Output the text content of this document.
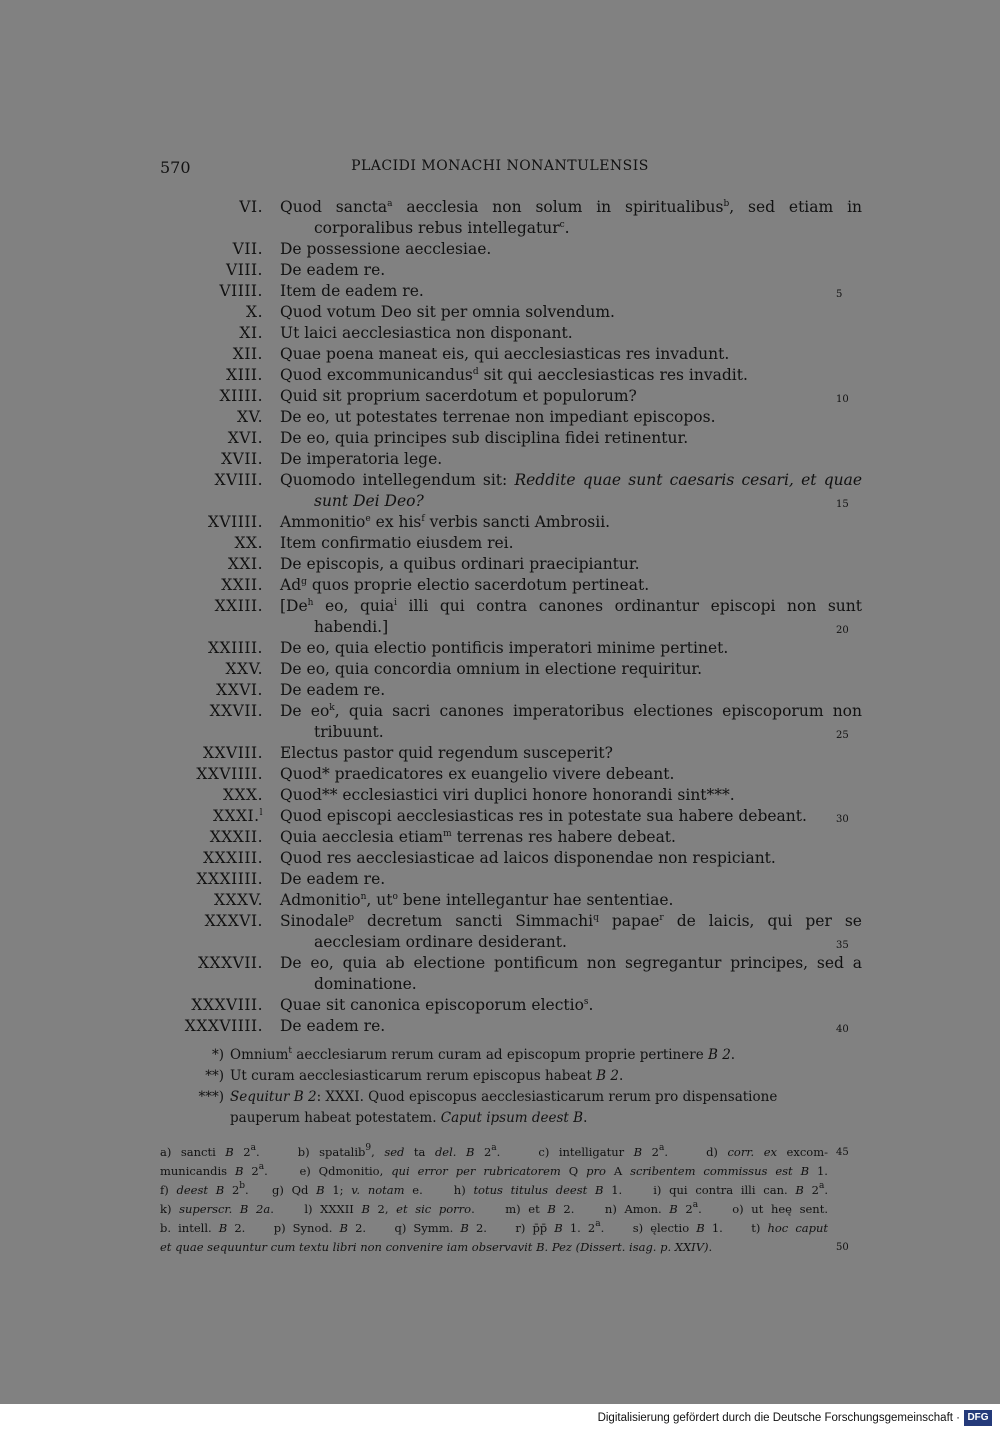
570	PLACIDI MONACHI NONANTULENSIS
VI. Quod sancta$^a$ aecclesia non solum in spiritualibus$^b$, sed etiam in corporalibus rebus intellegatur$^c$.
VII. De possessione aecclesiae.
VIII. De eadem re.
VIIII. Item de eadem re.	5
X. Quod votum Deo sit per omnia solvendum.
XI. Ut laici aecclesiastica non disponant.
XII. Quae poena maneat eis, qui aecclesiasticas res invadunt.
XIII. Quod excommunicandus$^d$ sit qui aecclesiasticas res invadit.
XIIII. Quid sit proprium sacerdotum et populorum?	10
XV. De eo, ut potestates terrenae non impediant episcopos.
XVI. De eo, quia principes sub disciplina fidei retinentur.
XVII. De imperatoria lege.
XVIII. Quomodo intellegendum sit: Reddite quae sunt caesaris cesari, et quae sunt Dei Deo?	15
XVIIII. Ammonitio$^e$ ex his$^f$ verbis sancti Ambrosii.
XX. Item confirmatio eiusdem rei.
XXI. De episcopis, a quibus ordinari praecipiantur.
XXII. Ad$^g$ quos proprie electio sacerdotum pertineat.
XXIII. [De$^h$ eo, quia$^i$ illi qui contra canones ordinantur episcopi non sunt habendi.]	20
XXIIII. De eo, quia electio pontificis imperatori minime pertinet.
XXV. De eo, quia concordia omnium in electione requiritur.
XXVI. De eadem re.
XXVII. De $eo^k$, quia sacri canones imperatoribus electiones episcoporum non tribuunt.	25
XXVIII. Electus pastor quid regendum susceperit?
XXVIIII. Quod* praedicatores ex euangelio vivere debeant.
XXX. Quod** ecclesiastici viri duplici honore honorandi sint***.
XXXI.$^l$ Quod episcopi aecclesiasticas res in potestate sua habere debeant.	30
XXXII. Quia aecclesia etiam$^m$ terrenas res habere debeat.
XXXIII. Quod res aecclesiasticae ad laicos disponendae non respiciant.
XXXIIII. De eadem re.
XXXV. Admonitio$^n$, $ut^o$ bene intellegantur hae sententiae.
XXXVI. Sinodale$^p$ decretum sancti Simmachi$^q$ papae$^r$ de laicis, qui per se aecclesiam ordinare desiderant.	35
XXXVII. De eo, quia ab electione pontificum non segregantur principes, sed a dominatione.
XXXVIII. Quae sit canonica episcoporum electio$^s$.
XXXVIIII. De eadem re.	40
*) Omnium$^t$ aecclesiarum rerum curam ad episcopum proprie pertinere B 2.
**) Ut curam aecclesiasticarum rerum episcopus habeat B 2.
***) Sequitur B 2: XXXI. Quod episcopus aecclesiasticarum rerum pro dispensatione pauperum habeat potestatem. Caput ipsum deest B.
a) sancti B 2$^a$.    b) spatalib$^9$, sed ta del. B 2$^a$.    c) intelligatur B 2$^a$.    d) corr. ex excom- 45
municandis B 2$^a$.    e) Qdmonitio, qui error per rubricatorem Q pro A scribentem commissus est B 1.
f) deest B 2$^b$.   g) Qd B 1; v. notam e.    h) totus titulus deest B 1.    i) qui contra illi can. B 2$^a$.
k) superscr. B 2a.    l) XXXII B 2, et sic porro.    m) et B 2.    n) Amon. B 2$^a$.    o) ut heę sent.
b. intell. B 2.    p) Synod. B 2.    q) Symm. B 2.    r) p̄p̄ B 1. 2$^a$.    s) ęlectio B 1.    t) hoc caput
et quae sequuntur cum textu libri non convenire iam observavit B. Pez (Dissert. isag. p. XXIV).	50
Digitalisierung gefördert durch die Deutsche Forschungsgemeinschaft · DFG
